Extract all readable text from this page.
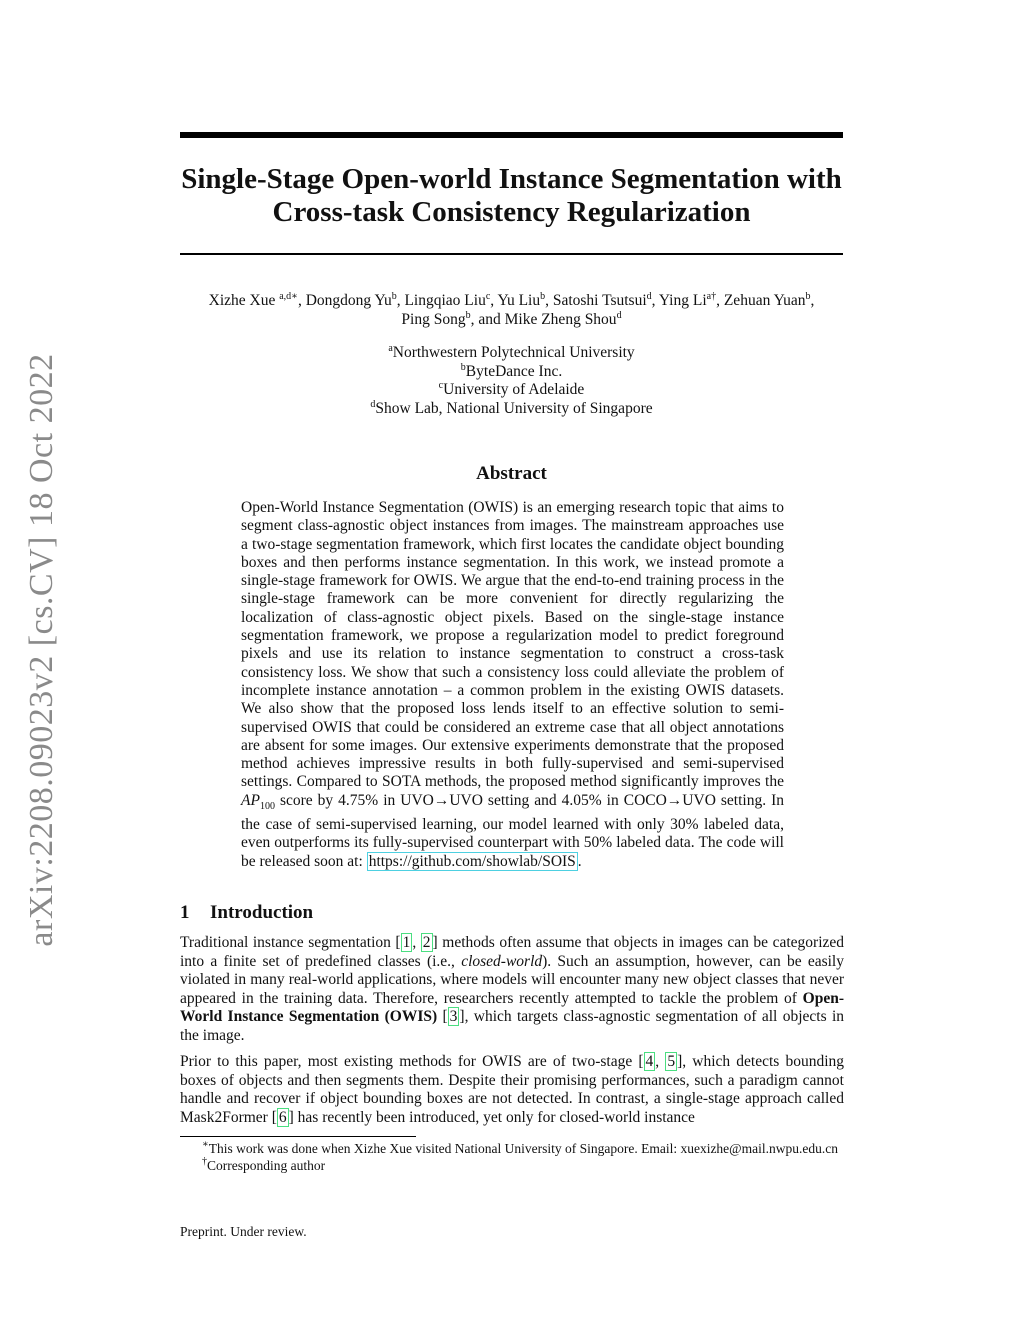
arXiv:2208.09023v2 [cs.CV] 18 Oct 2022
Single-Stage Open-world Instance Segmentation with
Cross-task Consistency Regularization
Xizhe Xue $^{a,d∗}$, Dongdong Yu$^b$, Lingqiao Liu$^c$, Yu Liu$^b$, Satoshi Tsutsui$^d$, Ying $Li^{a\dagger}$, Zehuan Yuan$^b$,
Ping Song$^b$, and Mike Zheng Shou$^d$
$^a$Northwestern Polytechnical University
$^b$ByteDance Inc.
$^c$University of Adelaide
$^d$Show Lab, National University of Singapore
Abstract
Open-World Instance Segmentation (OWIS) is an emerging research topic that aims to segment class-agnostic object instances from images. The mainstream approaches use a two-stage segmentation framework, which first locates the candidate object bounding boxes and then performs instance segmentation. In this work, we instead promote a single-stage framework for OWIS. We argue that the end-to-end training process in the single-stage framework can be more convenient for directly regularizing the localization of class-agnostic object pixels. Based on the single-stage instance segmentation framework, we propose a regularization model to predict foreground pixels and use its relation to instance segmentation to construct a cross-task consistency loss. We show that such a consistency loss could alleviate the problem of incomplete instance annotation – a common problem in the existing OWIS datasets. We also show that the proposed loss lends itself to an effective solution to semi-supervised OWIS that could be considered an extreme case that all object annotations are absent for some images. Our extensive experiments demonstrate that the proposed method achieves impressive results in both fully-supervised and semi-supervised settings. Compared to SOTA methods, the proposed method significantly improves the $AP_{100}$ score by 4.75% in UVO→UVO setting and 4.05% in COCO→UVO setting. In the case of semi-supervised learning, our model learned with only 30% labeled data, even outperforms its fully-supervised counterpart with 50% labeled data. The code will be released soon at: https://github.com/showlab/SOIS .
1 Introduction
Traditional instance segmentation [ 1 , 2 ] methods often assume that objects in images can be categorized into a finite set of predefined classes (i.e., closed-world). Such an assumption, however, can be easily violated in many real-world applications, where models will encounter many new object classes that never appeared in the training data. Therefore, researchers recently attempted to tackle the problem of Open-World Instance Segmentation (OWIS) [ 3 ], which targets class-agnostic segmentation of all objects in the image.
Prior to this paper, most existing methods for OWIS are of two-stage [ 4 , 5 ], which detects bounding boxes of objects and then segments them. Despite their promising performances, such a paradigm cannot handle and recover if object bounding boxes are not detected. In contrast, a single-stage approach called Mask2Former [ 6 ] has recently been introduced, yet only for closed-world instance
∗This work was done when Xizhe Xue visited National University of Singapore. Email: xuexizhe@mail.nwpu.edu.cn
†Corresponding author
Preprint. Under review.
